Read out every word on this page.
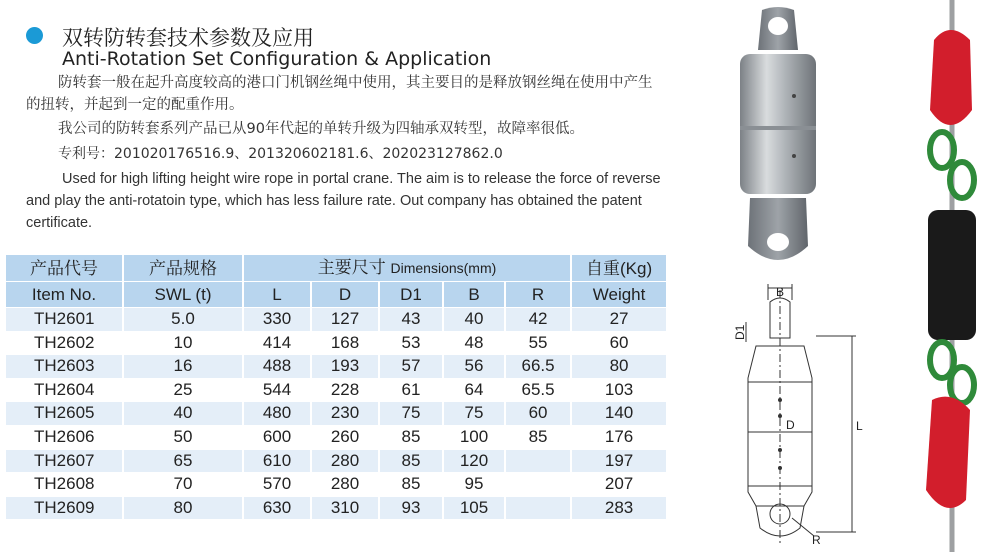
双转防转套技术参数及应用
Anti-Rotation Set Configuration & Application
防转套一般在起升高度较高的港口门机钢丝绳中使用，其主要目的是释放钢丝绳在使用中产生的扭转，并起到一定的配重作用。
我公司的防转套系列产品已从90年代起的单转升级为四轴承双转型，故障率很低。
专利号：201020176516.9、201320602181.6、202023127862.0
Used for high lifting height wire rope in portal crane. The aim is to release the force of reverse and play the anti-rotatoin type, which has less failure rate. Out company has obtained the patent certificate.
产品代号	产品规格	主要尺寸 Dimensions(mm)					自重(Kg)
Item No.	SWL (t)	L	D	D1	B	R	Weight
TH2601	5.0	330	127	43	40	42	27
TH2602	10	414	168	53	48	55	60
TH2603	16	488	193	57	56	66.5	80
TH2604	25	544	228	61	64	65.5	103
TH2605	40	480	230	75	75	60	140
TH2606	50	600	260	85	100	85	176
TH2607	65	610	280	85	120		197
TH2608	70	570	280	85	95		207
TH2609	80	630	310	93	105		283
B
D1
D	L
R
